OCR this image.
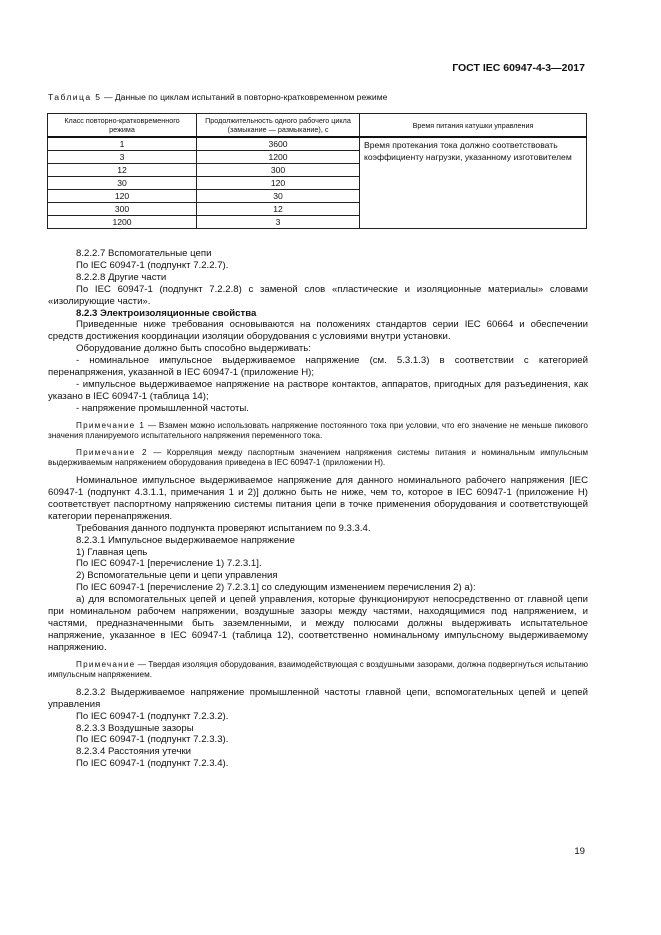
ГОСТ IEC 60947-4-3—2017
Таблица 5 — Данные по циклам испытаний в повторно-кратковременном режиме
Класс повторно-кратковременного режима	Продолжительность одного рабочего цикла (замыкание — размыкание), с	Время питания катушки управления
1	3600	Время протекания тока должно соответствовать коэффициенту нагрузки, указанному изготовителем
3	1200	
12	300	
30	120	
120	30	
300	12	
1200	3	

8.2.2.7 Вспомогательные цепи

По IEC 60947-1 (подпункт 7.2.2.7).

8.2.2.8 Другие части

По IEC 60947-1 (подпункт 7.2.2.8) с заменой слов «пластические и изоляционные материалы» словами «изолирующие части».

8.2.3 Электроизоляционные свойства

Приведенные ниже требования основываются на положениях стандартов серии IEC 60664 и обеспечении средств достижения координации изоляции оборудования с условиями внутри установки.

Оборудование должно быть способно выдерживать:

- номинальное импульсное выдерживаемое напряжение (см. 5.3.1.3) в соответствии с категорией перенапряжения, указанной в IEC 60947-1 (приложение Н);

- импульсное выдерживаемое напряжение на растворе контактов, аппаратов, пригодных для разъединения, как указано в IEC 60947-1 (таблица 14);

- напряжение промышленной частоты.

Примечание 1 — Взамен можно использовать напряжение постоянного тока при условии, что его значение не меньше пикового значения планируемого испытательного напряжения переменного тока.

Примечание 2 — Корреляция между паспортным значением напряжения системы питания и номинальным импульсным выдерживаемым напряжением оборудования приведена в IEC 60947-1 (приложении Н).

Номинальное импульсное выдерживаемое напряжение для данного номинального рабочего напряжения [IEC 60947-1 (подпункт 4.3.1.1, примечания 1 и 2)] должно быть не ниже, чем то, которое в IEC 60947-1 (приложение Н) соответствует паспортному напряжению системы питания цепи в точке применения оборудования и соответствующей категории перенапряжения.

Требования данного подпункта проверяют испытанием по 9.3.3.4.

8.2.3.1 Импульсное выдерживаемое напряжение

1) Главная цепь

По IEC 60947-1 [перечисление 1) 7.2.3.1].

2) Вспомогательные цепи и цепи управления

По IEC 60947-1 [перечисление 2) 7.2.3.1] со следующим изменением перечисления 2) а):

а) для вспомогательных цепей и цепей управления, которые функционируют непосредственно от главной цепи при номинальном рабочем напряжении, воздушные зазоры между частями, находящимися под напряжением, и частями, предназначенными быть заземленными, и между полюсами должны выдерживать испытательное напряжение, указанное в IEC 60947-1 (таблица 12), соответственно номинальному импульсному выдерживаемому напряжению.

Примечание — Твердая изоляция оборудования, взаимодействующая с воздушными зазорами, должна подвергнуться испытанию импульсным напряжением.

8.2.3.2 Выдерживаемое напряжение промышленной частоты главной цепи, вспомогательных цепей и цепей управления

По IEC 60947-1 (подпункт 7.2.3.2).

8.2.3.3 Воздушные зазоры

По IEC 60947-1 (подпункт 7.2.3.3).

8.2.3.4 Расстояния утечки

По IEC 60947-1 (подпункт 7.2.3.4).

19
